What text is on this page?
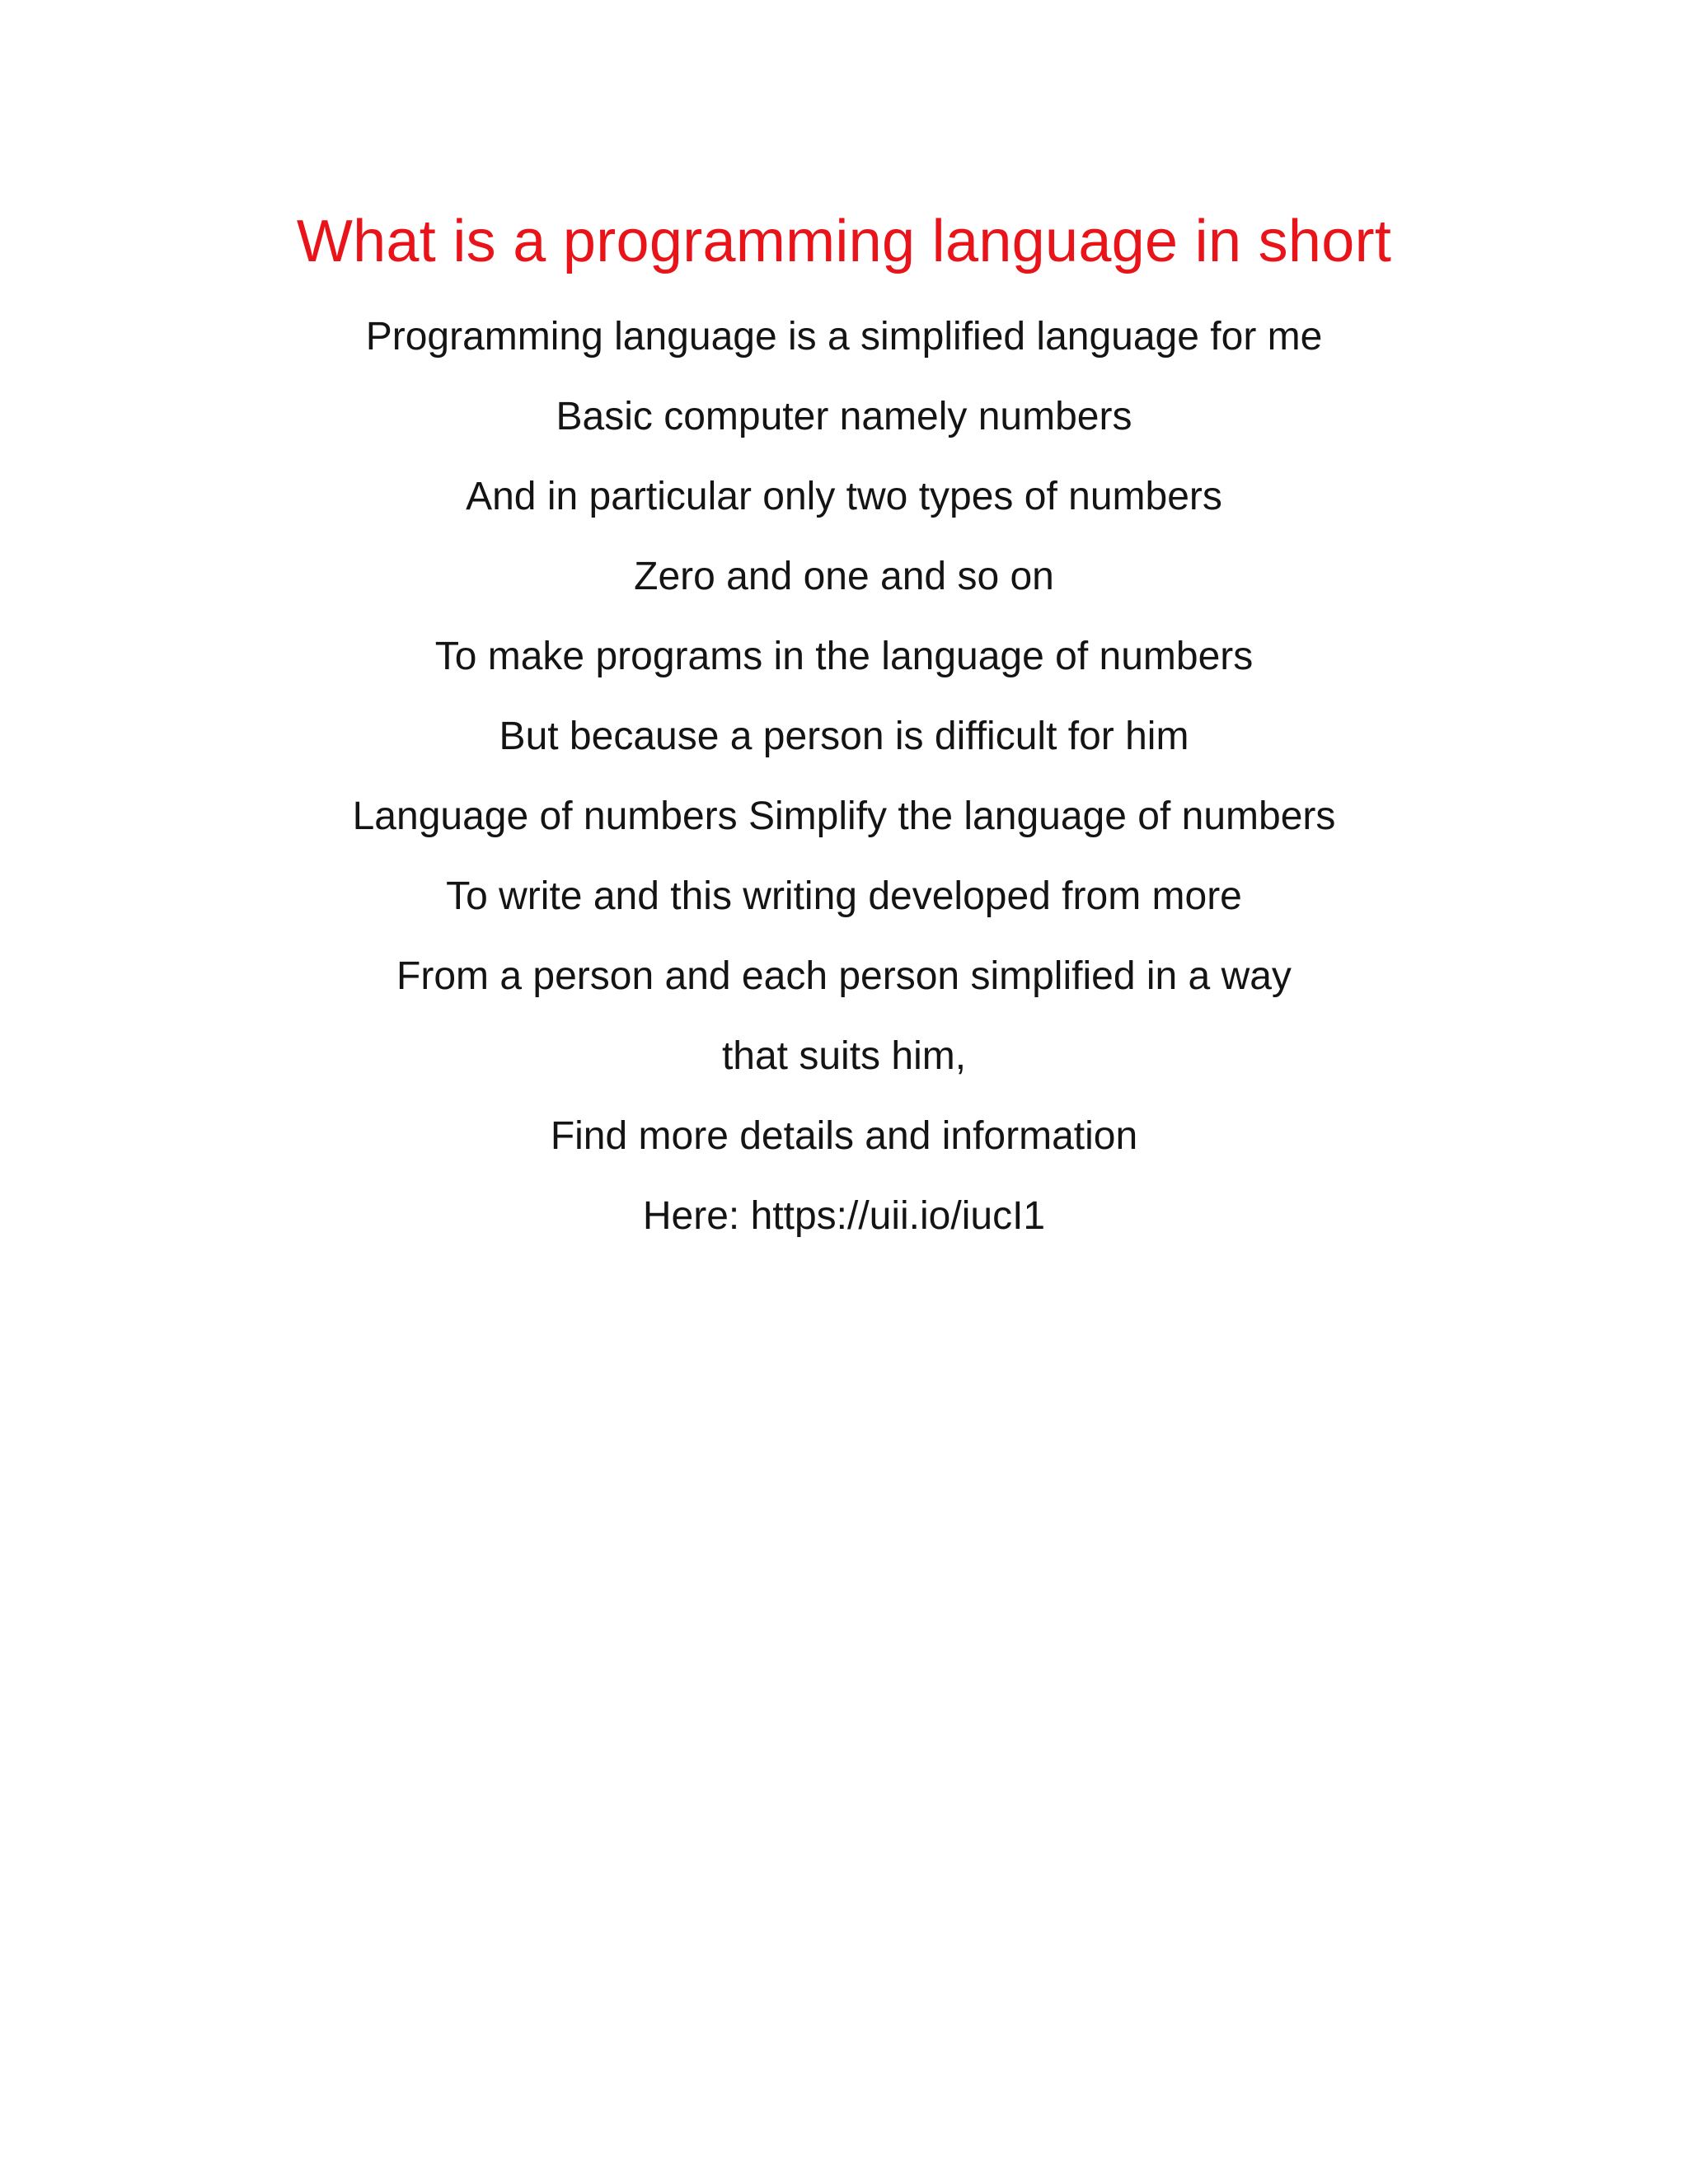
What is a programming language in short
Programming language is a simplified language for me
Basic computer namely numbers
And in particular only two types of numbers
Zero and one and so on
To make programs in the language of numbers
But because a person is difficult for him
Language of numbers Simplify the language of numbers
To write and this writing developed from more
From a person and each person simplified in a way
that suits him,
Find more details and information
Here: https://uii.io/iucI1
